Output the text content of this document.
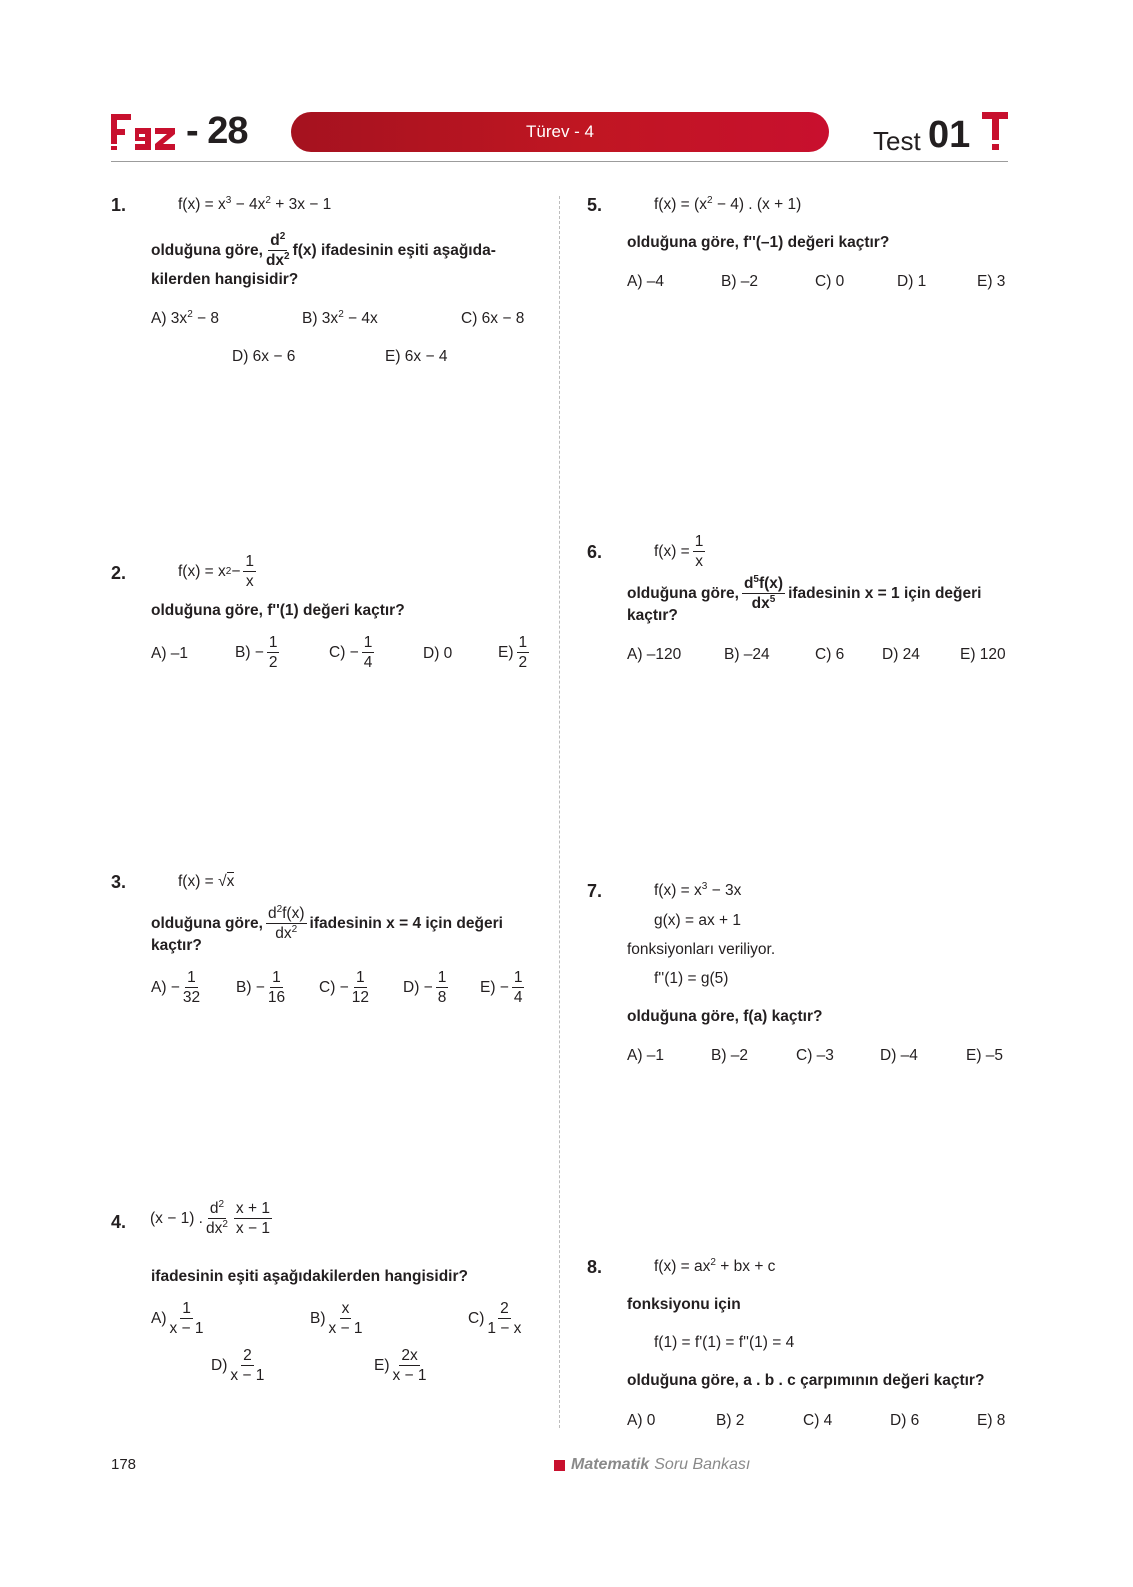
- 28	Türev - 4	Test 01
1.	$f(x) = x^3 - 4x^2 + 3x - 1$
olduğuna göre, $\frac{d^2}{dx^2} f(x)$ ifadesinin eşiti aşağıda-
kilerden hangisidir?
A) $3x^2 - 8$	B) $3x^2 - 4x$	C) 6x − 8
D) 6x − 6	E) 6x − 4
2.	f(x) = x $2 - \frac{1}{x}$
olduğuna göre, f''(1) değeri kaçtır?
A) –1	$B) - \frac{1}{2}$	$C) - \frac{1}{4}$	D) 0	$E) \frac{1}{2}$
3.	f(x) = √x
olduğuna göre, $\frac{d^2f(x)}{dx^2}$ ifadesinin x = 4 için değeri
kaçtır?
$A) - \frac{1}{32} B) - \frac{1}{16} C) - \frac{1}{12} D) - \frac{1}{8} E) - \frac{1}{4}$
4. (x − 1) . $\frac{d^2}{dx^2} \frac{x + 1}{x - 1}$
ifadesinin eşiti aşağıdakilerden hangisidir?
$A) \frac{1}{x - 1}$	$B) \frac{x}{x - 1}$	$C) \frac{2}{1 - x}$
$D) \frac{2}{x - 1}$	$E) \frac{2x}{x - 1}$
5.	$f(x) = (x^2 - 4)$ . (x + 1)
olduğuna göre, f''(–1) değeri kaçtır?
A) –4	B) –2	C) 0	D) 1	E) 3
6.	$f(x) = \frac{1}{x}$
olduğuna göre, $\frac{d^5f(x)}{dx^5}$ ifadesinin x = 1 için değeri
kaçtır?
A) –120	B) –24	C) 6 D) 24	E) 120
7.	$f(x) = x^3 - 3x$
g(x) = ax + 1
fonksiyonları veriliyor.
f''(1) = g(5)
olduğuna göre, f(a) kaçtır?
A) –1	B) –2	C) –3	D) –4	E) –5
8.	$f(x) = ax^2$ + bx + c
fonksiyonu için
f(1) = f'(1) = f''(1) = 4
olduğuna göre, a . b . c çarpımının değeri kaçtır?
A) 0	B) 2	C) 4	D) 6	E) 8
178	Matematik Soru Bankası
